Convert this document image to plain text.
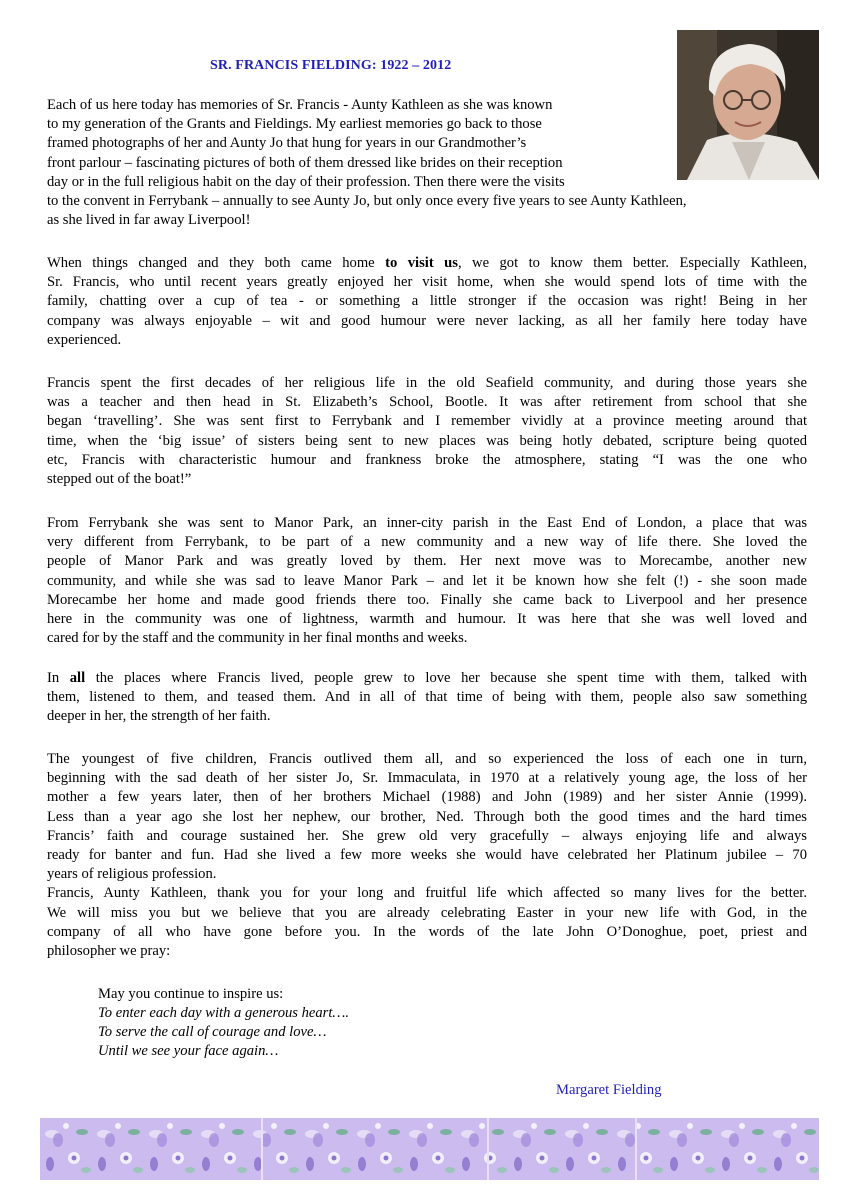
SR. FRANCIS FIELDING: 1922 – 2012
Each of us here today has memories of Sr. Francis - Aunty Kathleen as she was known
to my generation of the Grants and Fieldings. My earliest memories go back to those
framed photographs of her and Aunty Jo that hung for years in our Grandmother’s
front parlour – fascinating pictures of both of them dressed like brides on their reception
day or in the full religious habit on the day of their profession. Then there were the visits
to the convent in Ferrybank – annually to see Aunty Jo, but only once every five years to see Aunty Kathleen,
as she lived in far away Liverpool!
When things changed and they both came home to visit us, we got to know them better. Especially Kathleen,
Sr. Francis, who until recent years greatly enjoyed her visit home, when she would spend lots of time with the
family, chatting over a cup of tea - or something a little stronger if the occasion was right! Being in her
company was always enjoyable – wit and good humour were never lacking, as all her family here today have
experienced.
Francis spent the first decades of her religious life in the old Seafield community, and during those years she
was a teacher and then head in St. Elizabeth’s School, Bootle. It was after retirement from school that she
began ‘travelling’. She was sent first to Ferrybank and I remember vividly at a province meeting around that
time, when the ‘big issue’ of sisters being sent to new places was being hotly debated, scripture being quoted
etc, Francis with characteristic humour and frankness broke the atmosphere, stating “I was the one who
stepped out of the boat!”
From Ferrybank she was sent to Manor Park, an inner-city parish in the East End of London, a place that was
very different from Ferrybank, to be part of a new community and a new way of life there. She loved the
people of Manor Park and was greatly loved by them. Her next move was to Morecambe, another new
community, and while she was sad to leave Manor Park – and let it be known how she felt (!) - she soon made
Morecambe her home and made good friends there too. Finally she came back to Liverpool and her presence
here in the community was one of lightness, warmth and humour. It was here that she was well loved and
cared for by the staff and the community in her final months and weeks.
In all the places where Francis lived, people grew to love her because she spent time with them, talked with
them, listened to them, and teased them. And in all of that time of being with them, people also saw something
deeper in her, the strength of her faith.
The youngest of five children, Francis outlived them all, and so experienced the loss of each one in turn,
beginning with the sad death of her sister Jo, Sr. Immaculata, in 1970 at a relatively young age, the loss of her
mother a few years later, then of her brothers Michael (1988) and John (1989) and her sister Annie (1999).
Less than a year ago she lost her nephew, our brother, Ned. Through both the good times and the hard times
Francis’ faith and courage sustained her. She grew old very gracefully – always enjoying life and always
ready for banter and fun. Had she lived a few more weeks she would have celebrated her Platinum jubilee – 70
years of religious profession.
Francis, Aunty Kathleen, thank you for your long and fruitful life which affected so many lives for the better.
We will miss you but we believe that you are already celebrating Easter in your new life with God, in the
company of all who have gone before you. In the words of the late John O’Donoghue, poet, priest and
philosopher we pray:
May you continue to inspire us:
To enter each day with a generous heart….
To serve the call of courage and love…
Until we see your face again…
Margaret Fielding
